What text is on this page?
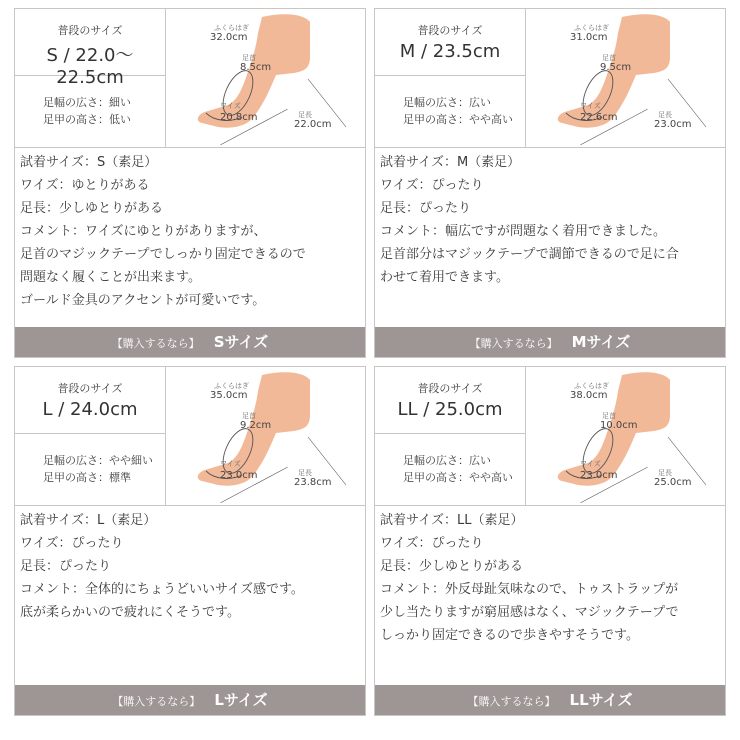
普段のサイズ
S / 22.0〜22.5cm
足幅の広さ：細い
足甲の高さ：低い
ふくらはぎ
32.0cm
足首
8.5cm
ワイズ
20.8cm	足長
22.0cm
試着サイズ：S（素足）
ワイズ：ゆとりがある
足長：少しゆとりがある
コメント：ワイズにゆとりがありますが、
足首のマジックテープでしっかり固定できるので
問題なく履くことが出来ます。
ゴールド金具のアクセントが可愛いです。
【購入するなら】 Sサイズ
普段のサイズ
M / 23.5cm
足幅の広さ：広い
足甲の高さ：やや高い
ふくらはぎ
31.0cm
足首
9.5cm
ワイズ
22.6cm	足長
23.0cm
試着サイズ：M（素足）
ワイズ：ぴったり
足長：ぴったり
コメント：幅広ですが問題なく着用できました。
足首部分はマジックテープで調節できるので足に合
わせて着用できます。
【購入するなら】 Mサイズ
普段のサイズ
L / 24.0cm
足幅の広さ：やや細い
足甲の高さ：標準
ふくらはぎ
35.0cm
足首
9.2cm
ワイズ
23.0cm	足長
23.8cm
試着サイズ：L（素足）
ワイズ：ぴったり
足長：ぴったり
コメント：全体的にちょうどいいサイズ感です。
底が柔らかいので疲れにくそうです。
【購入するなら】 Lサイズ
普段のサイズ
LL / 25.0cm
足幅の広さ：広い
足甲の高さ：やや高い
ふくらはぎ
38.0cm
足首
10.0cm
ワイズ
23.0cm	足長
25.0cm
試着サイズ：LL（素足）
ワイズ：ぴったり
足長：少しゆとりがある
コメント：外反母趾気味なので、トゥストラップが
少し当たりますが窮屈感はなく、マジックテープで
しっかり固定できるので歩きやすそうです。
【購入するなら】 LLサイズ
